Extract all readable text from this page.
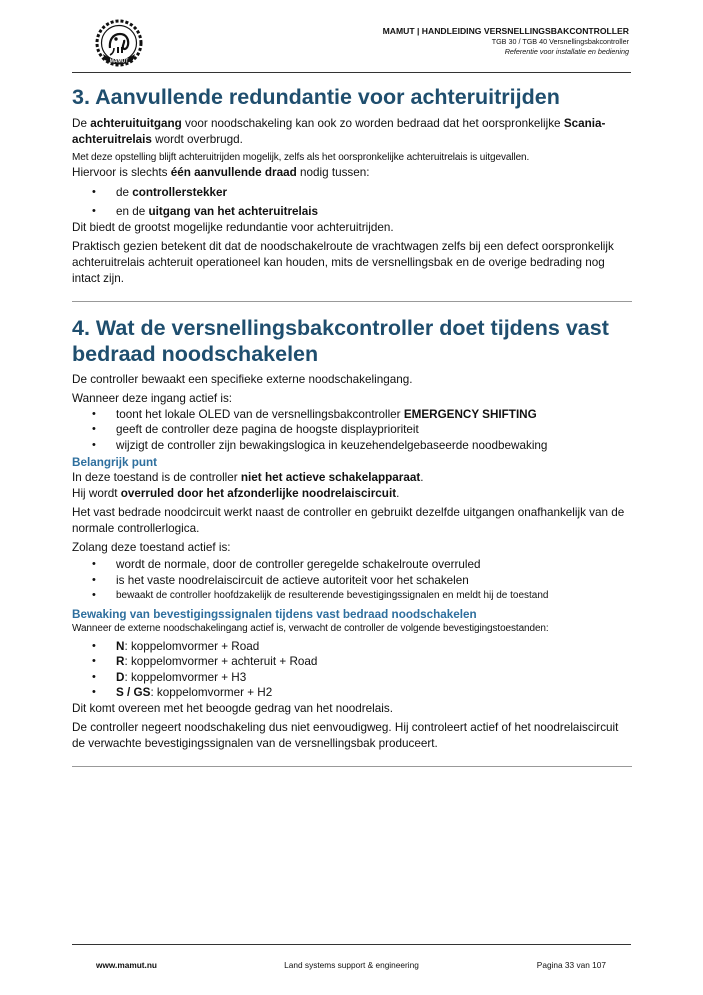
MAMUT
MAMUT | HANDLEIDING VERSNELLINGSBAKCONTROLLER
TGB 30 / TGB 40 Versnellingsbakcontroller
Referentie voor installatie en bediening
3. Aanvullende redundantie voor achteruitrijden

De achteruituitgang voor noodschakeling kan ook zo worden bedraad dat het oorspronkelijke Scania-achteruitrelais wordt overbrugd.

Met deze opstelling blijft achteruitrijden mogelijk, zelfs als het oorspronkelijke achteruitrelais is uitgevallen.

Hiervoor is slechts één aanvullende draad nodig tussen:

• de controllerstekker
• en de uitgang van het achteruitrelais

Dit biedt de grootst mogelijke redundantie voor achteruitrijden.

Praktisch gezien betekent dit dat de noodschakelroute de vrachtwagen zelfs bij een defect oorspronkelijk achteruitrelais achteruit operationeel kan houden, mits de versnellingsbak en de overige bedrading nog intact zijn.

4. Wat de versnellingsbakcontroller doet tijdens vast bedraad noodschakelen

De controller bewaakt een specifieke externe noodschakelingang.

Wanneer deze ingang actief is:

• toont het lokale OLED van de versnellingsbakcontroller EMERGENCY SHIFTING
• geeft de controller deze pagina de hoogste displayprioriteit
• wijzigt de controller zijn bewakingslogica in keuzehendelgebaseerde noodbewaking
Belangrijk punt

In deze toestand is de controller niet het actieve schakelapparaat.

Hij wordt overruled door het afzonderlijke noodrelaiscircuit.

Het vast bedrade noodcircuit werkt naast de controller en gebruikt dezelfde uitgangen onafhankelijk van de normale controllerlogica.

Zolang deze toestand actief is:

• wordt de normale, door de controller geregelde schakelroute overruled
• is het vaste noodrelaiscircuit de actieve autoriteit voor het schakelen
• bewaakt de controller hoofdzakelijk de resulterende bevestigingssignalen en meldt hij de toestand
Bewaking van bevestigingssignalen tijdens vast bedraad noodschakelen

Wanneer de externe noodschakelingang actief is, verwacht de controller de volgende bevestigingstoestanden:

• N: koppelomvormer + Road
• R: koppelomvormer + achteruit + Road
• D: koppelomvormer + H3
• S / GS: koppelomvormer + H2

Dit komt overeen met het beoogde gedrag van het noodrelais.

De controller negeert noodschakeling dus niet eenvoudigweg. Hij controleert actief of het noodrelaiscircuit de verwachte bevestigingssignalen van de versnellingsbak produceert.

www.mamut.nu	Land systems support & engineering	Pagina 33 van 107
